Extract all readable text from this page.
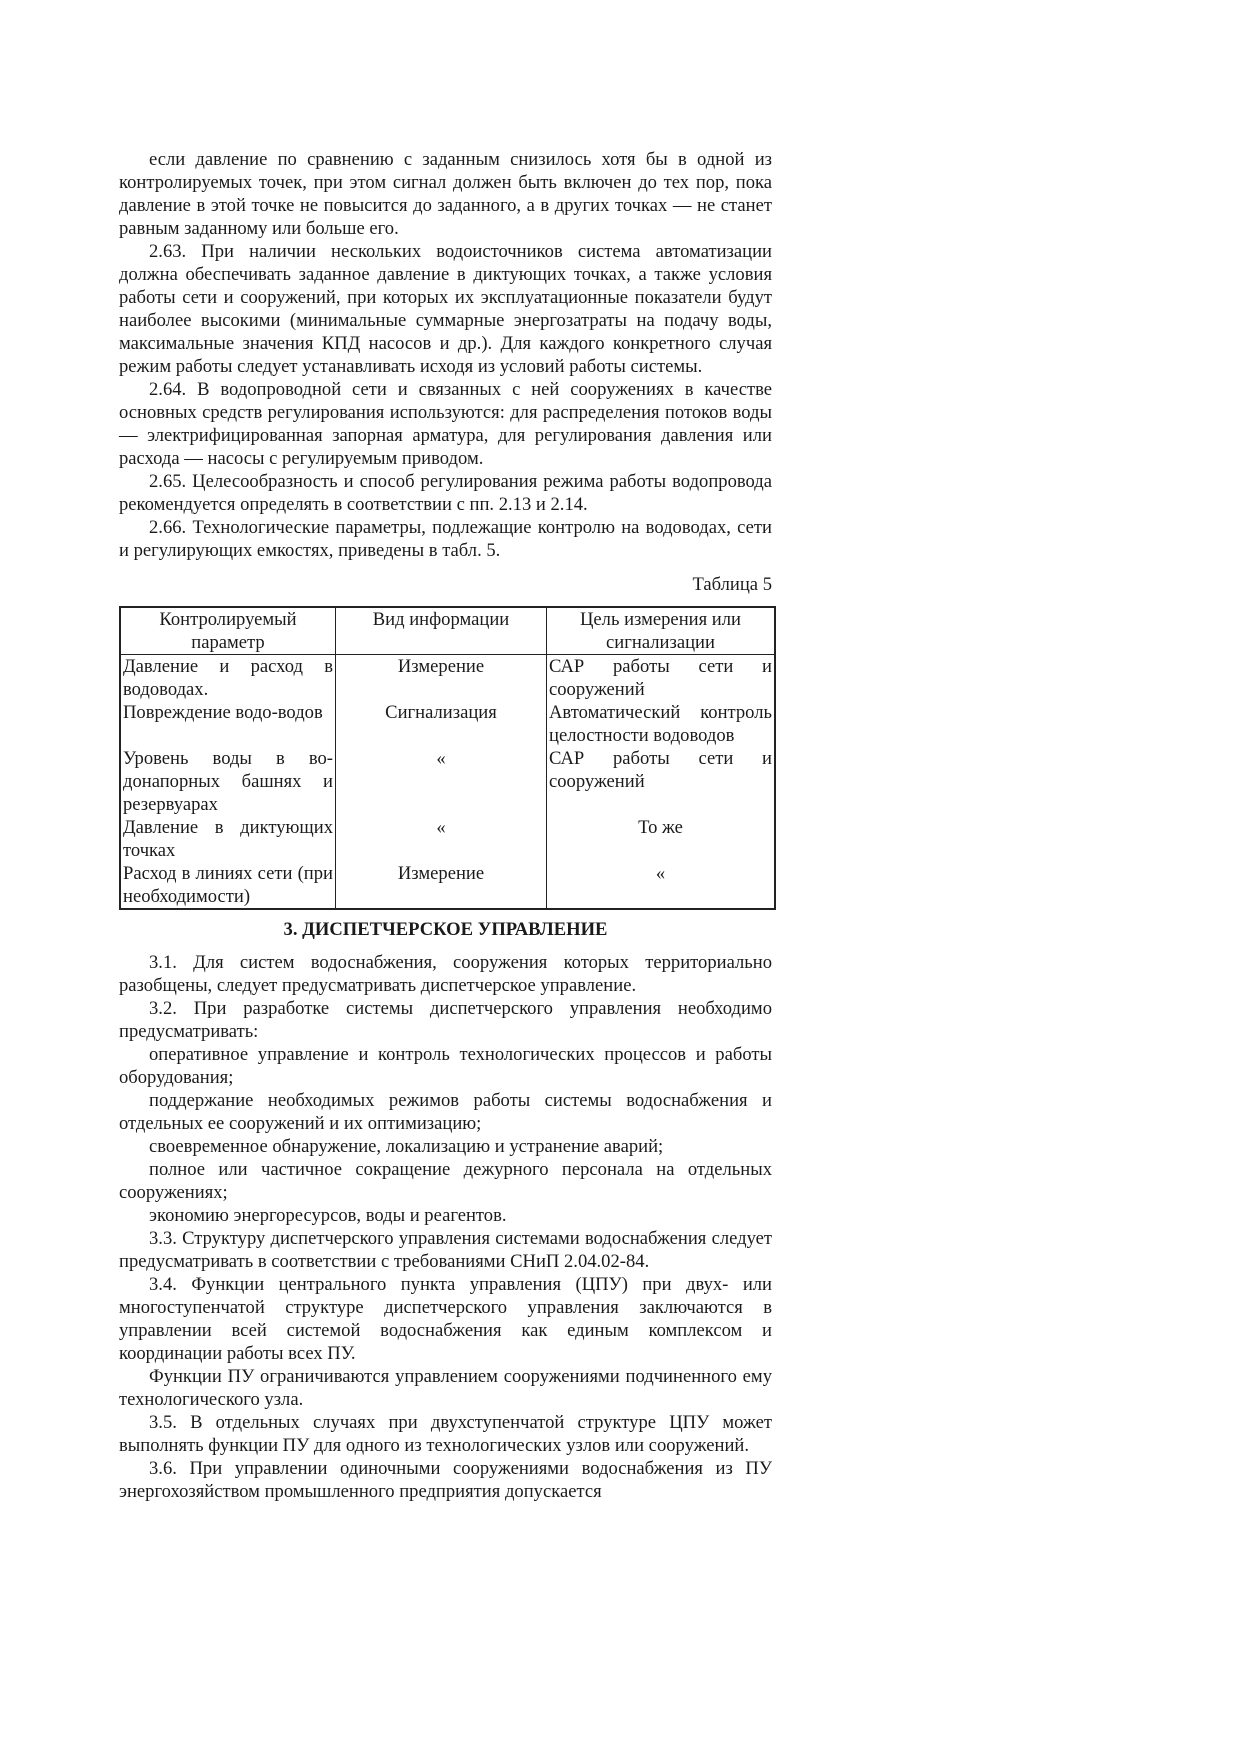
если давление по сравнению с заданным снизилось хотя бы в одной из контролируемых точек, при этом сигнал должен быть включен до тех пор, пока давление в этой точке не повысится до заданного, а в других точках — не станет равным заданному или больше его.

2.63. При наличии нескольких водоисточников система автоматизации должна обеспечивать заданное давление в диктующих точках, а также условия работы сети и сооружений, при которых их эксплуатационные показатели будут наиболее высокими (минимальные суммарные энергозатраты на подачу воды, максимальные значения КПД насосов и др.). Для каждого конкретного случая режим работы следует устанавливать исходя из условий работы системы.

2.64. В водопроводной сети и связанных с ней сооружениях в качестве основных средств регулирования используются: для распределения потоков воды — электрифицированная запорная арматура, для регулирования давления или расхода — насосы с регулируемым приводом.

2.65. Целесообразность и способ регулирования режима работы водопровода рекомендуется определять в соответствии с пп. 2.13 и 2.14.

2.66. Технологические параметры, подлежащие контролю на водоводах, сети и регулирующих емкостях, приведены в табл. 5.

Таблица 5
Контролируемый параметр	Вид информации	Цель измерения или сигнализации
Давление и расход в водоводах.	Измерение	САР работы сети и сооружений
Повреждение водо-водов	Сигнализация	Автоматический контроль целостности водоводов
Уровень воды в во-донапорных башнях и резервуарах	«	САР работы сети и сооружений
Давление в диктующих точках	«	То же
Расход в линиях сети (при необходимости)	Измерение	«
3. ДИСПЕТЧЕРСКОЕ УПРАВЛЕНИЕ

3.1. Для систем водоснабжения, сооружения которых территориально разобщены, следует предусматривать диспетчерское управление.

3.2. При разработке системы диспетчерского управления необходимо предусматривать:

оперативное управление и контроль технологических процессов и работы оборудования;

поддержание необходимых режимов работы системы водоснабжения и отдельных ее сооружений и их оптимизацию;

своевременное обнаружение, локализацию и устранение аварий;

полное или частичное сокращение дежурного персонала на отдельных сооружениях;

экономию энергоресурсов, воды и реагентов.

3.3. Структуру диспетчерского управления системами водоснабжения следует предусматривать в соответствии с требованиями СНиП 2.04.02-84.

3.4. Функции центрального пункта управления (ЦПУ) при двух- или многоступенчатой структуре диспетчерского управления заключаются в управлении всей системой водоснабжения как единым комплексом и координации работы всех ПУ.

Функции ПУ ограничиваются управлением сооружениями подчиненного ему технологического узла.

3.5. В отдельных случаях при двухступенчатой структуре ЦПУ может выполнять функции ПУ для одного из технологических узлов или сооружений.

3.6. При управлении одиночными сооружениями водоснабжения из ПУ энергохозяйством промышленного предприятия допускается
